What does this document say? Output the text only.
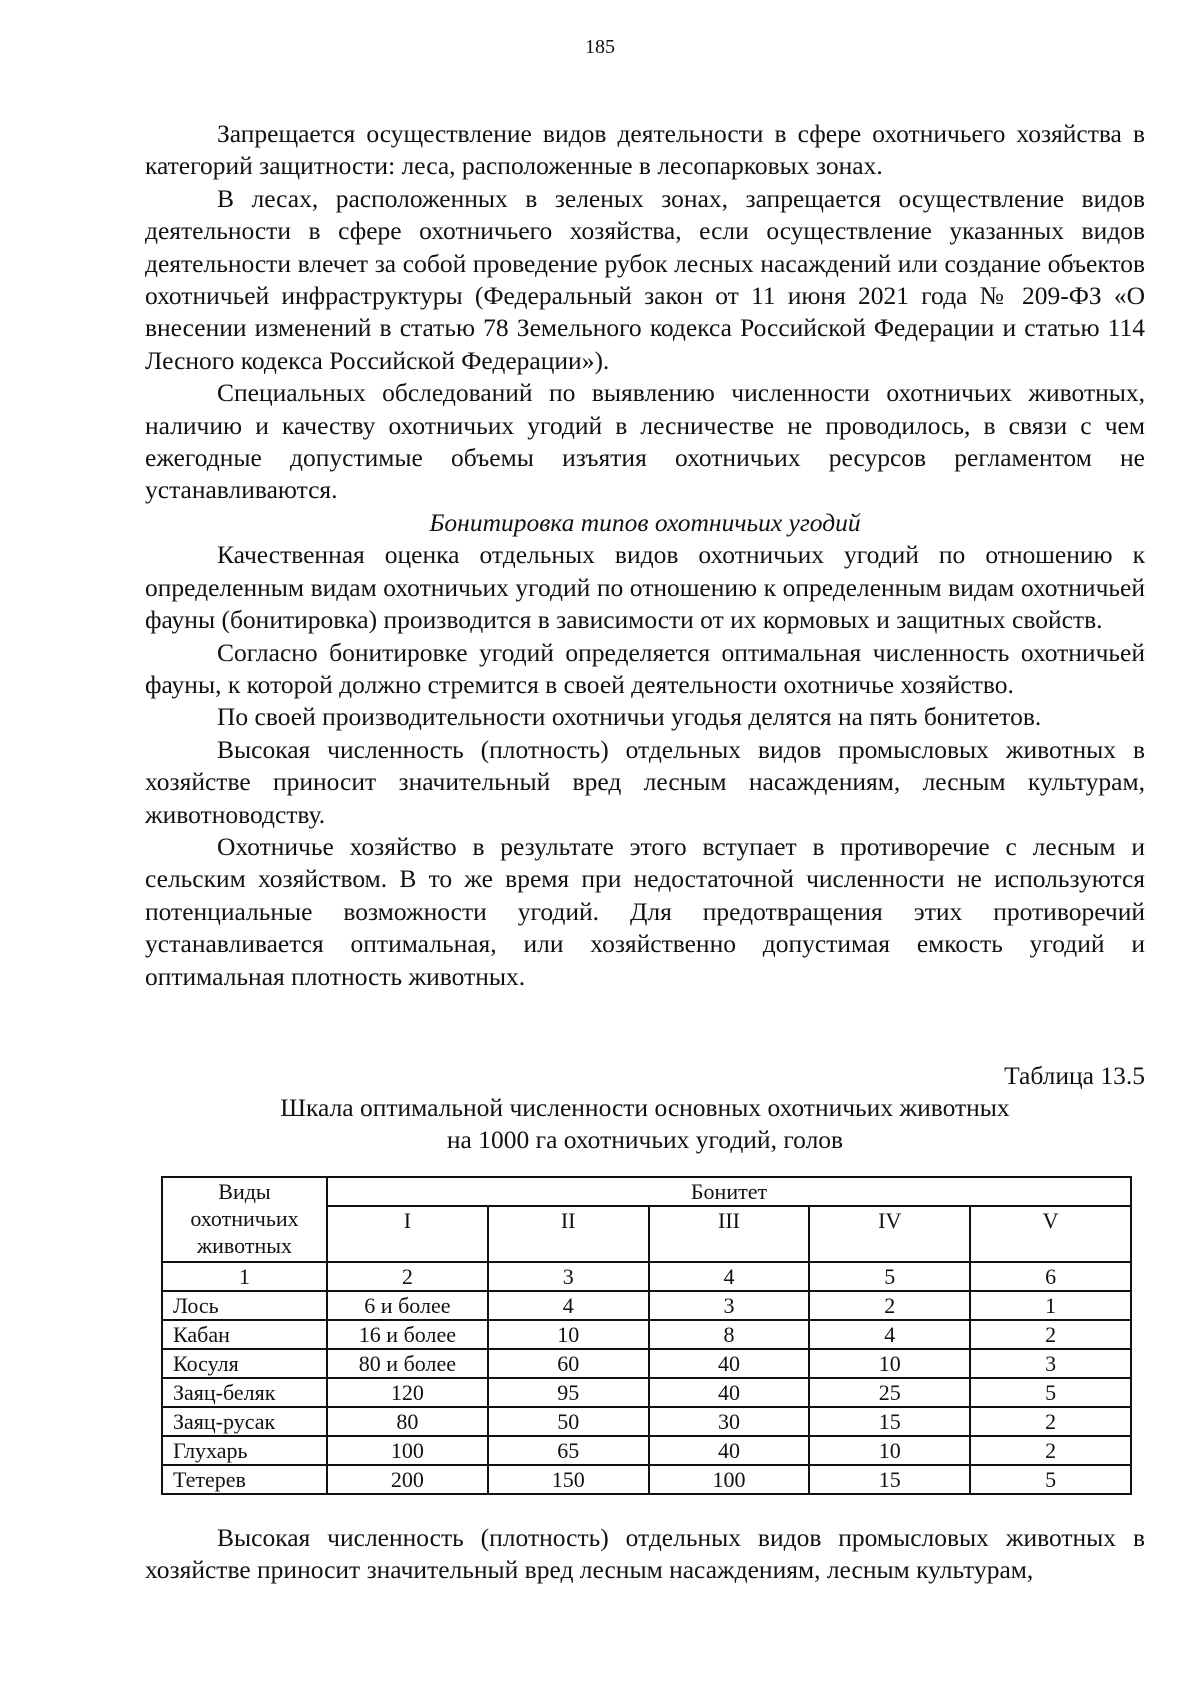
185

Запрещается осуществление видов деятельности в сфере охотничьего хозяйства в категорий защитности: леса, расположенные в лесопарковых зонах.

В лесах, расположенных в зеленых зонах, запрещается осуществление видов деятельности в сфере охотничьего хозяйства, если осуществление указанных видов деятельности влечет за собой проведение рубок лесных насаждений или создание объектов охотничьей инфраструктуры (Федеральный закон от 11 июня 2021 года № 209-ФЗ «О внесении изменений в статью 78 Земельного кодекса Российской Федерации и статью 114 Лесного кодекса Российской Федерации»).

Специальных обследований по выявлению численности охотничьих животных, наличию и качеству охотничьих угодий в лесничестве не проводилось, в связи с чем ежегодные допустимые объемы изъятия охотничьих ресурсов регламентом не устанавливаются.

Бонитировка типов охотничьих угодий

Качественная оценка отдельных видов охотничьих угодий по отношению к определенным видам охотничьих угодий по отношению к определенным видам охотничьей фауны (бонитировка) производится в зависимости от их кормовых и защитных свойств.

Согласно бонитировке угодий определяется оптимальная численность охотничьей фауны, к которой должно стремится в своей деятельности охотничье хозяйство.

По своей производительности охотничьи угодья делятся на пять бонитетов.

Высокая численность (плотность) отдельных видов промысловых животных в хозяйстве приносит значительный вред лесным насаждениям, лесным культурам, животноводству.

Охотничье хозяйство в результате этого вступает в противоречие с лесным и сельским хозяйством. В то же время при недостаточной численности не используются потенциальные возможности угодий. Для предотвращения этих противоречий устанавливается оптимальная, или хозяйственно допустимая емкость угодий и оптимальная плотность животных.

Таблица 13.5
Шкала оптимальной численности основных охотничьих животных
на 1000 га охотничьих угодий, голов
Виды охотничьих животных	Бонитет				
	I	II	III	IV	V
1	2	3	4	5	6
Лось	6 и более	4	3	2	1
Кабан	16 и более	10	8	4	2
Косуля	80 и более	60	40	10	3
Заяц-беляк	120	95	40	25	5
Заяц-русак	80	50	30	15	2
Глухарь	100	65	40	10	2
Тетерев	200	150	100	15	5

Высокая численность (плотность) отдельных видов промысловых животных в хозяйстве приносит значительный вред лесным насаждениям, лесным культурам,
